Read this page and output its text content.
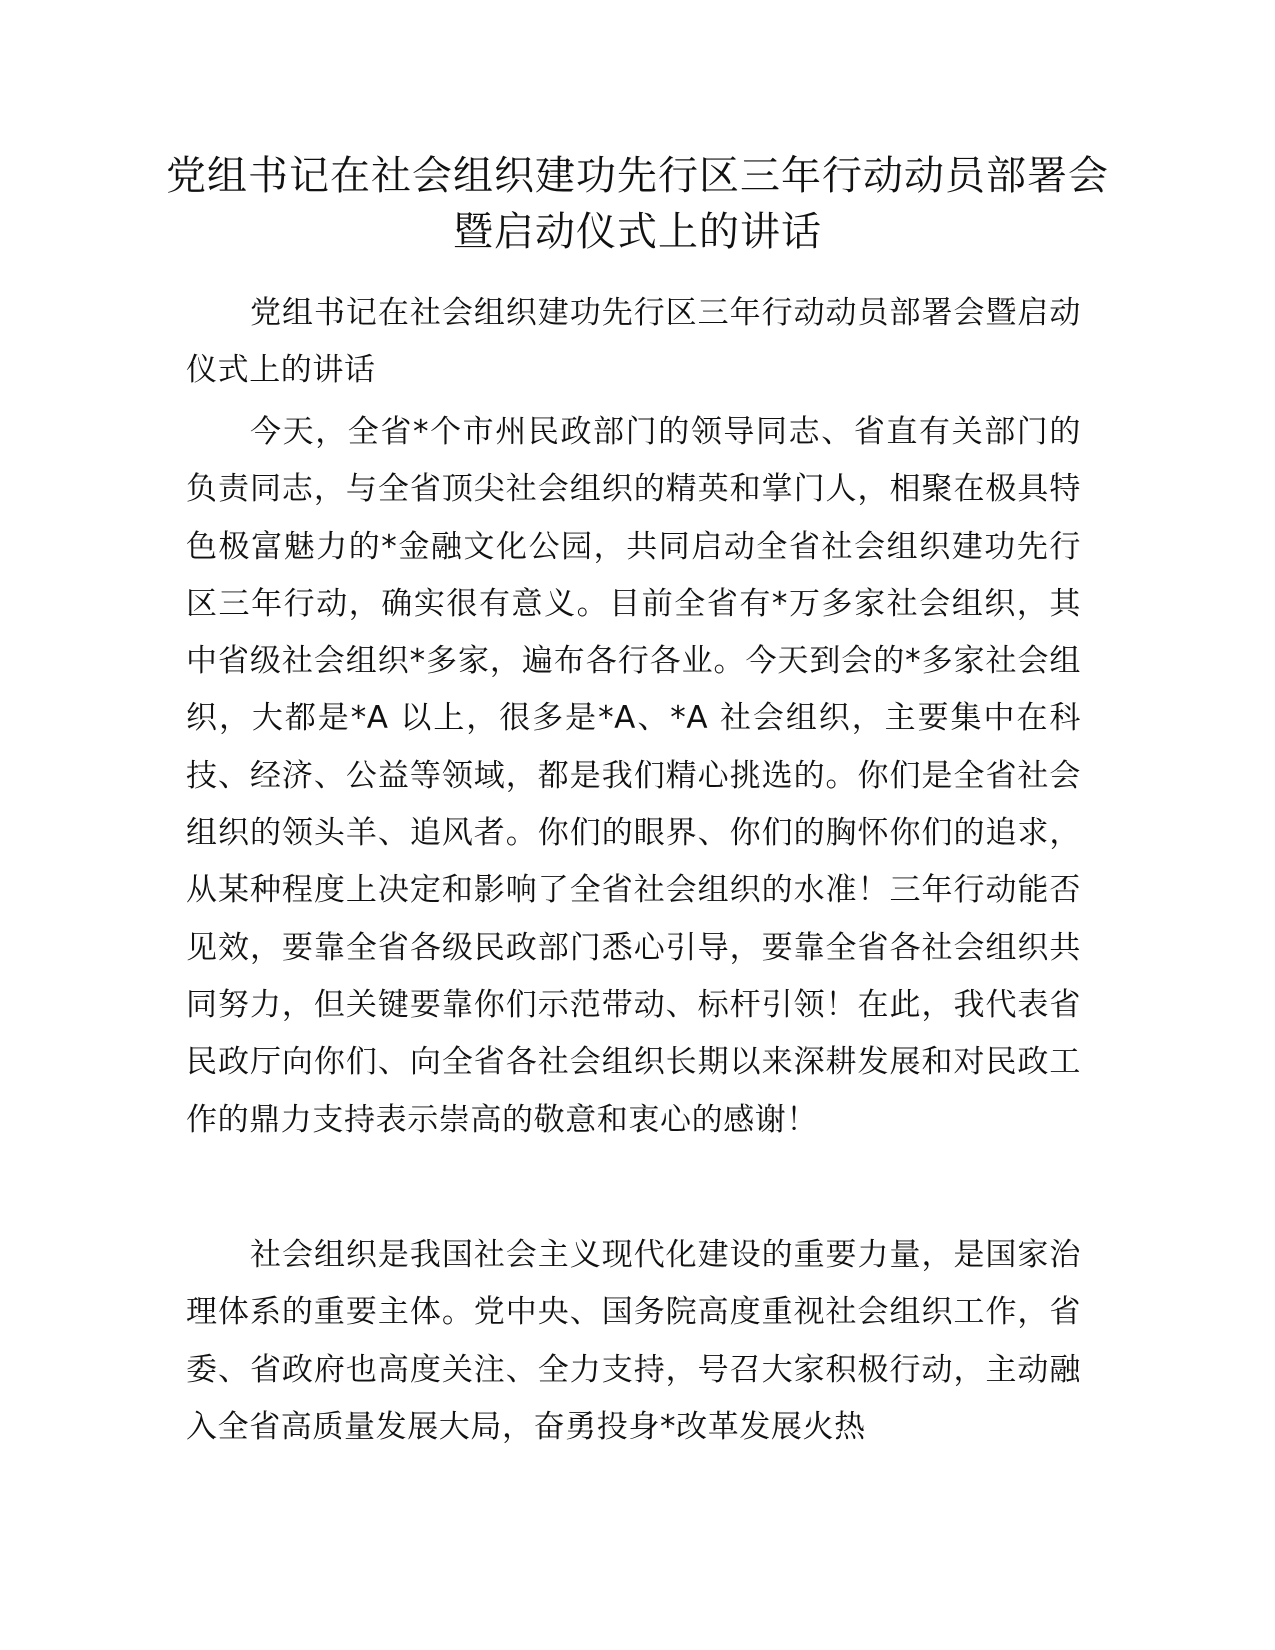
党组书记在社会组织建功先行区三年行动动员部署会暨启动仪式上的讲话

党组书记在社会组织建功先行区三年行动动员部署会暨启动仪式上的讲话

今天，全省*个市州民政部门的领导同志、省直有关部门的负责同志，与全省顶尖社会组织的精英和掌门人，相聚在极具特色极富魅力的*金融文化公园，共同启动全省社会组织建功先行区三年行动，确实很有意义。目前全省有*万多家社会组织，其中省级社会组织*多家，遍布各行各业。今天到会的*多家社会组织，大都是*A 以上，很多是*A、*A 社会组织，主要集中在科技、经济、公益等领域，都是我们精心挑选的。你们是全省社会组织的领头羊、追风者。你们的眼界、你们的胸怀你们的追求，从某种程度上决定和影响了全省社会组织的水准！三年行动能否见效，要靠全省各级民政部门悉心引导，要靠全省各社会组织共同努力，但关键要靠你们示范带动、标杆引领！在此，我代表省民政厅向你们、向全省各社会组织长期以来深耕发展和对民政工作的鼎力支持表示崇高的敬意和衷心的感谢！

社会组织是我国社会主义现代化建设的重要力量，是国家治理体系的重要主体。党中央、国务院高度重视社会组织工作，省委、省政府也高度关注、全力支持，号召大家积极行动，主动融入全省高质量发展大局，奋勇投身*改革发展火热
